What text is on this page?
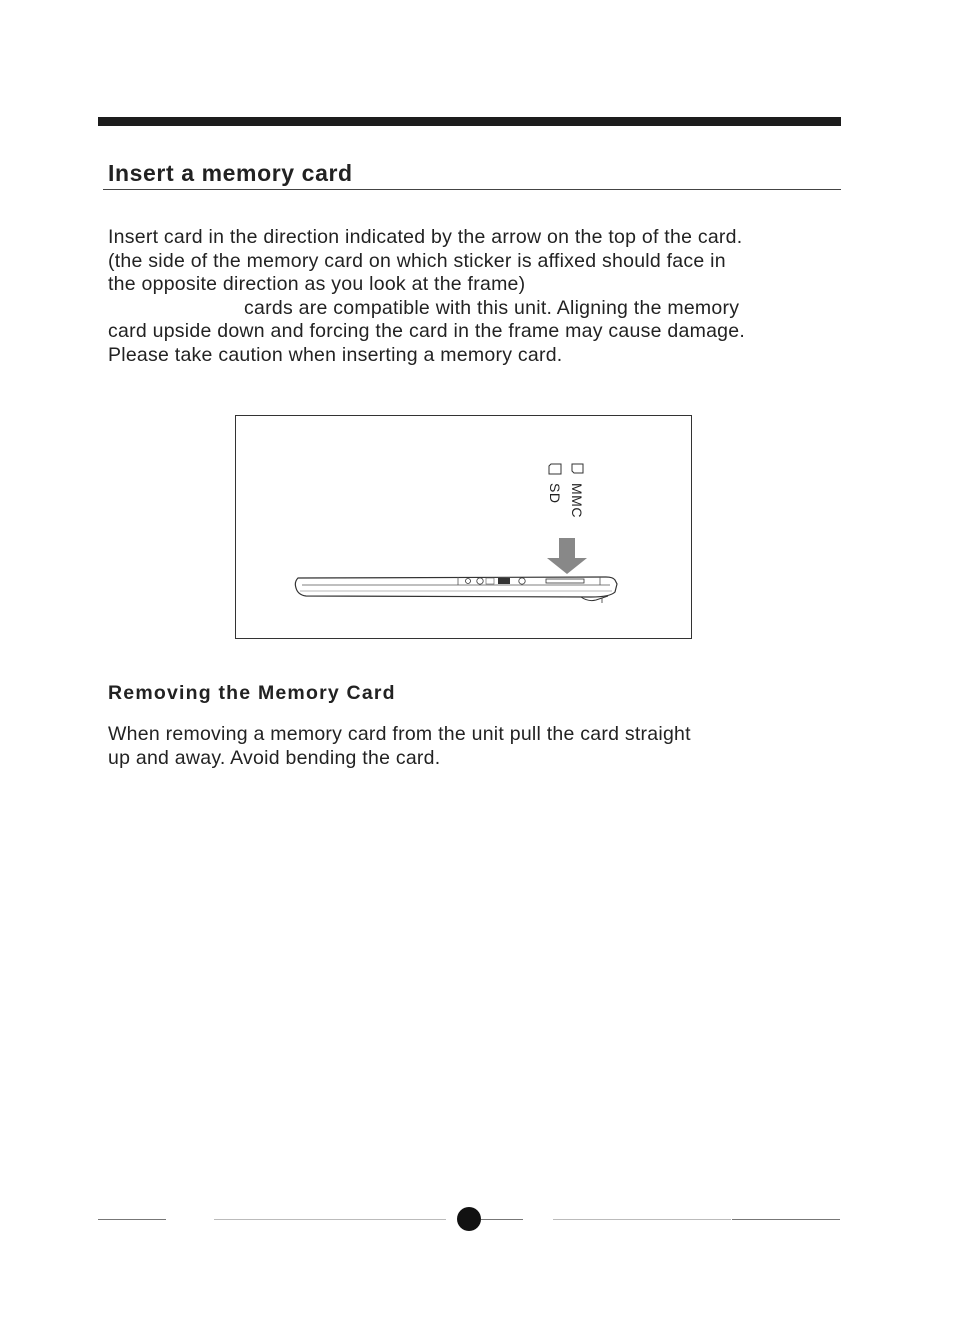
Insert a memory card

Insert card in the direction indicated by the arrow on the top of the card.
(the side of the memory card on which sticker is affixed should face in
the opposite direction as you look at the frame)
cards are compatible with this unit. Aligning the memory
card upside down and forcing the card in the frame may cause damage.
Please take caution when inserting a memory card.

MMC
SD
Removing the Memory Card

When removing a memory card from the unit pull the card straight
up and away. Avoid bending the card.
